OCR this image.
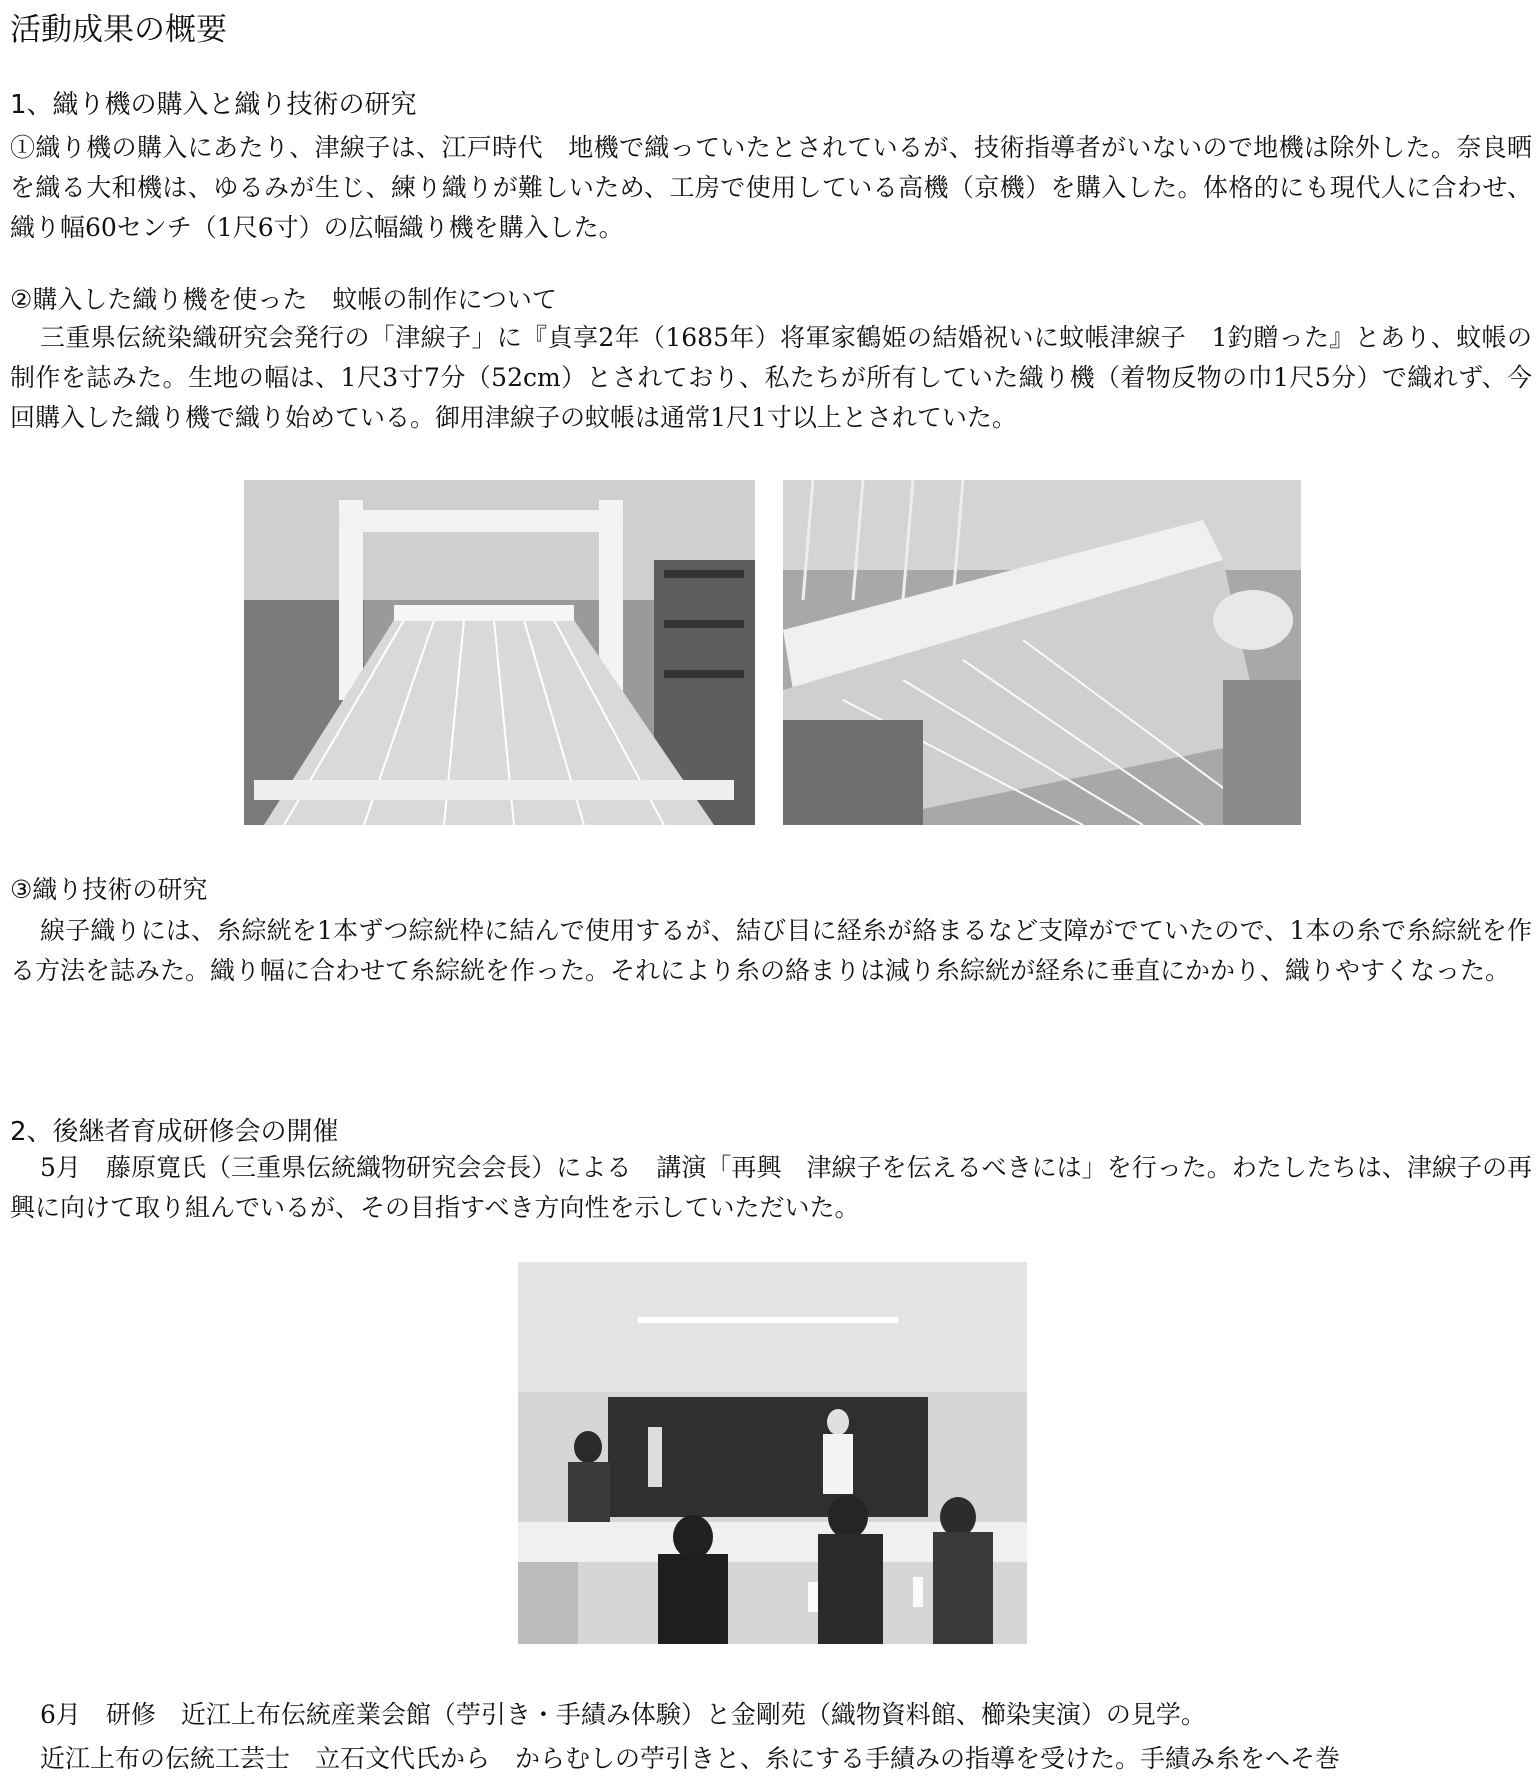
活動成果の概要
1、織り機の購入と織り技術の研究

①織り機の購入にあたり、津綟子は、江戸時代　地機で織っていたとされているが、技術指導者がいないので地機は除外した。奈良晒を織る大和機は、ゆるみが生じ、練り織りが難しいため、工房で使用している高機（京機）を購入した。体格的にも現代人に合わせ、織り幅60センチ（1尺6寸）の広幅織り機を購入した。

②購入した織り機を使った　蚊帳の制作について

三重県伝統染織研究会発行の「津綟子」に『貞享2年（1685年）将軍家鶴姫の結婚祝いに蚊帳津綟子　1釣贈った』とあり、蚊帳の制作を誌みた。生地の幅は、1尺3寸7分（52cm）とされており、私たちが所有していた織り機（着物反物の巾1尺5分）で織れず、今回購入した織り機で織り始めている。御用津綟子の蚊帳は通常1尺1寸以上とされていた。

③織り技術の研究

綟子織りには、糸綜絖を1本ずつ綜絖枠に結んで使用するが、結び目に経糸が絡まるなど支障がでていたので、1本の糸で糸綜絖を作る方法を誌みた。織り幅に合わせて糸綜絖を作った。それにより糸の絡まりは減り糸綜絖が経糸に垂直にかかり、織りやすくなった。

2、後継者育成研修会の開催

5月　藤原寛氏（三重県伝統織物研究会会長）による　講演「再興　津綟子を伝えるべきには」を行った。わたしたちは、津綟子の再興に向けて取り組んでいるが、その目指すべき方向性を示していただいた。

6月　研修　近江上布伝統産業会館（苧引き・手績み体験）と金剛苑（織物資料館、櫛染実演）の見学。

近江上布の伝統工芸士　立石文代氏から　からむしの苧引きと、糸にする手績みの指導を受けた。手績み糸をへそ巻
